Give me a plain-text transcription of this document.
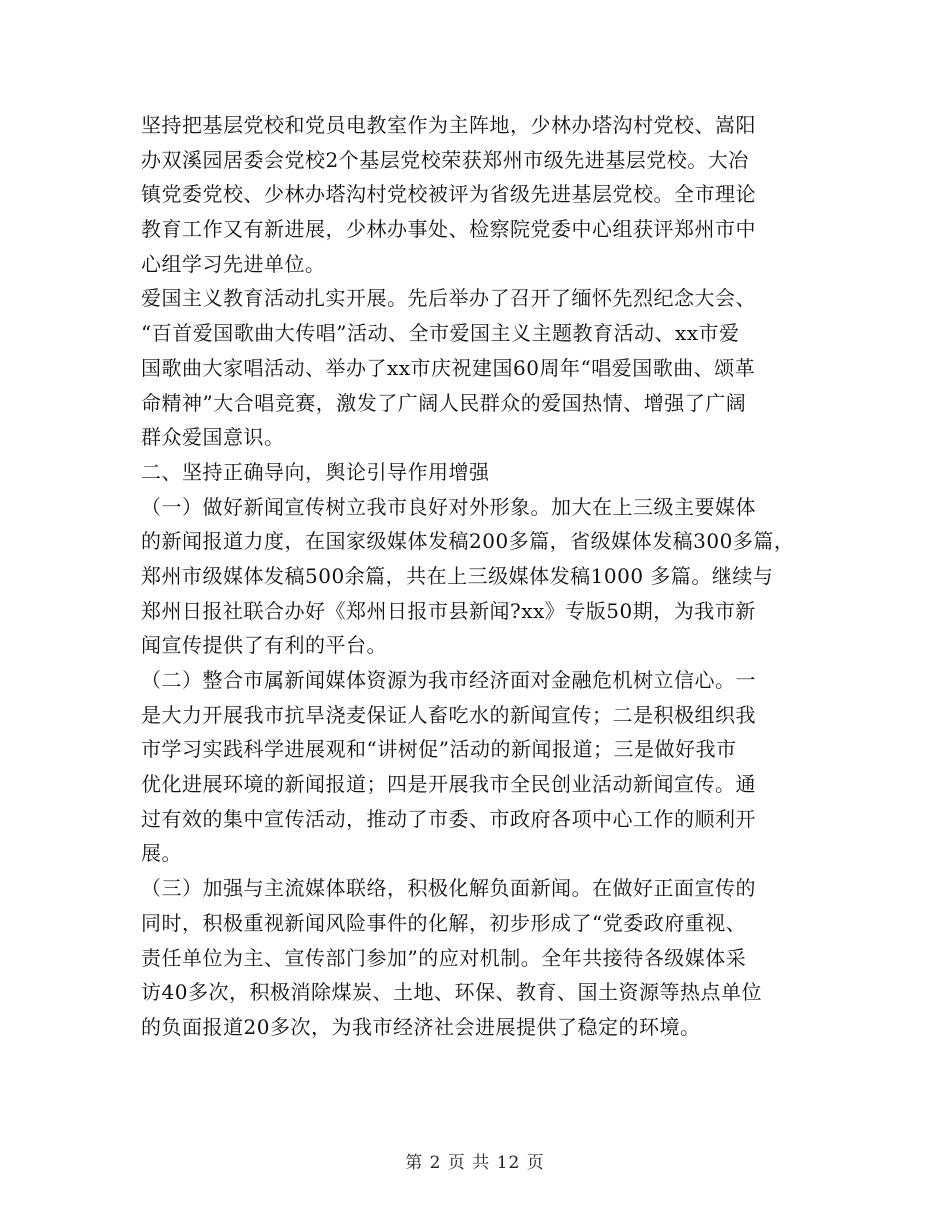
坚持把基层党校和党员电教室作为主阵地，少林办塔沟村党校、嵩阳
办双溪园居委会党校2个基层党校荣获郑州市级先进基层党校。大冶
镇党委党校、少林办塔沟村党校被评为省级先进基层党校。全市理论
教育工作又有新进展，少林办事处、检察院党委中心组获评郑州市中
心组学习先进单位。
爱国主义教育活动扎实开展。先后举办了召开了缅怀先烈纪念大会、
“百首爱国歌曲大传唱”活动、全市爱国主义主题教育活动、xx市爱
国歌曲大家唱活动、举办了xx市庆祝建国60周年“唱爱国歌曲、颂革
命精神”大合唱竞赛，激发了广阔人民群众的爱国热情、增强了广阔
群众爱国意识。
二、坚持正确导向，舆论引导作用增强
（一）做好新闻宣传树立我市良好对外形象。加大在上三级主要媒体
的新闻报道力度，在国家级媒体发稿200多篇，省级媒体发稿300多篇，
郑州市级媒体发稿500余篇，共在上三级媒体发稿1000 多篇。继续与
郑州日报社联合办好《郑州日报市县新闻?xx》专版50期，为我市新
闻宣传提供了有利的平台。
（二）整合市属新闻媒体资源为我市经济面对金融危机树立信心。一
是大力开展我市抗旱浇麦保证人畜吃水的新闻宣传；二是积极组织我
市学习实践科学进展观和“讲树促”活动的新闻报道；三是做好我市
优化进展环境的新闻报道；四是开展我市全民创业活动新闻宣传。通
过有效的集中宣传活动，推动了市委、市政府各项中心工作的顺利开
展。
（三）加强与主流媒体联络，积极化解负面新闻。在做好正面宣传的
同时，积极重视新闻风险事件的化解，初步形成了“党委政府重视、
责任单位为主、宣传部门参加”的应对机制。全年共接待各级媒体采
访40多次，积极消除煤炭、土地、环保、教育、国土资源等热点单位
的负面报道20多次，为我市经济社会进展提供了稳定的环境。
第 2 页 共 12 页
